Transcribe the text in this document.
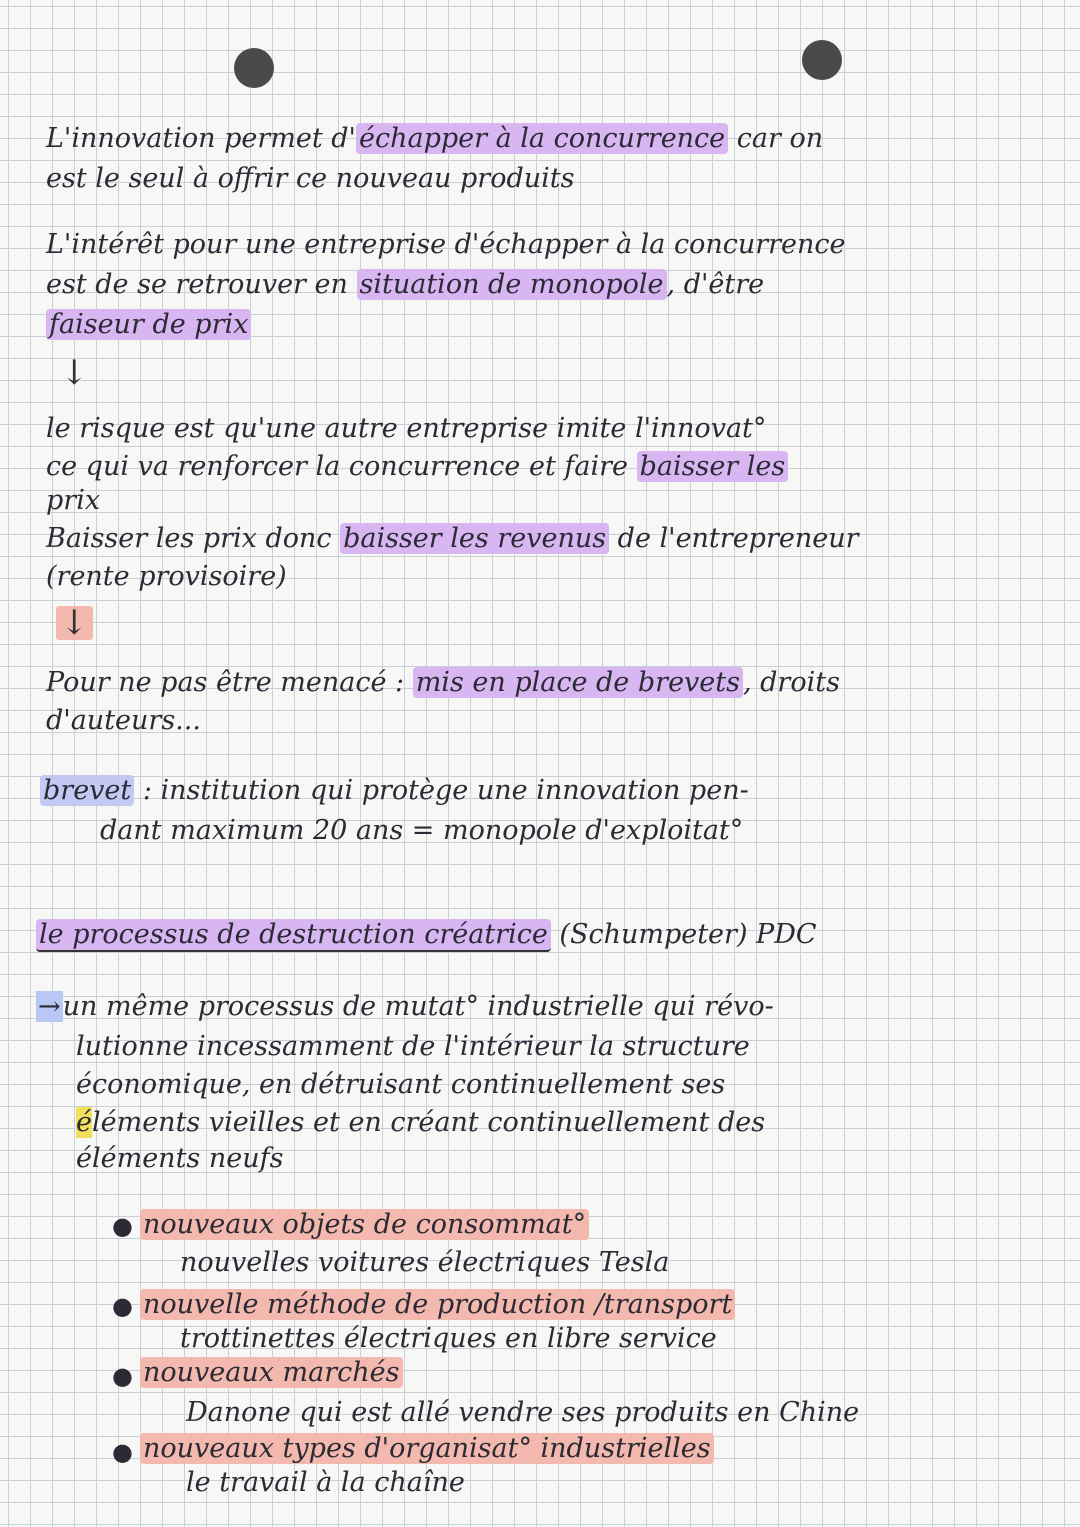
L'innovation permet d' échapper à la concurrence car on
est le seul à offrir ce nouveau produits
L'intérêt pour une entreprise d'échapper à la concurrence
est de se retrouver en situation de monopole , d'être
faiseur de prix
↓
le risque est qu'une autre entreprise imite l'innovat°
ce qui va renforcer la concurrence et faire baisser les
prix
Baisser les prix donc baisser les revenus de l'entrepreneur
(rente provisoire)
↓
Pour ne pas être menacé : mis en place de brevets , droits
d'auteurs...
brevet : institution qui protège une innovation pen-
dant maximum 20 ans = monopole d'exploitat°
le processus de destruction créatrice (Schumpeter) PDC
→un même processus de mutat° industrielle qui révo-
lutionne incessamment de l'intérieur la structure
économique, en détruisant continuellement ses
éléments vieilles et en créant continuellement des
éléments neufs
● nouveaux objets de consommat°
nouvelles voitures électriques Tesla
● nouvelle méthode de production /transport
trottinettes électriques en libre service
● nouveaux marchés
Danone qui est allé vendre ses produits en Chine
● nouveaux types d'organisat° industrielles
le travail à la chaîne
